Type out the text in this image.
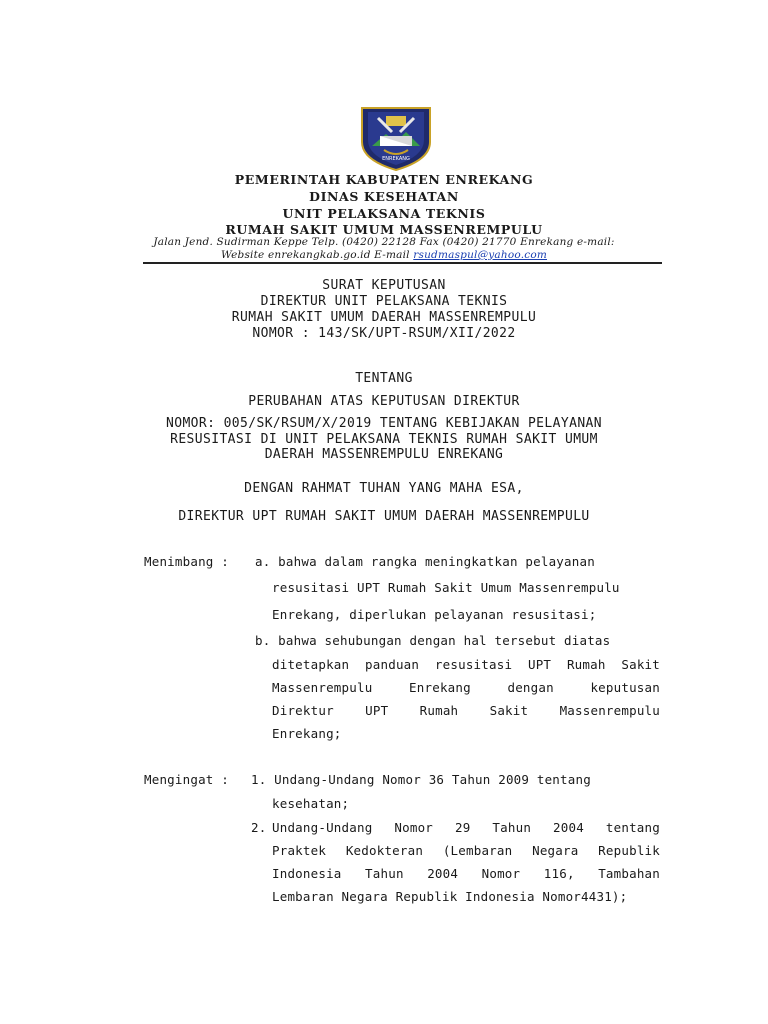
ENREKANG
PEMERINTAH KABUPATEN ENREKANG
DINAS KESEHATAN
UNIT PELAKSANA TEKNIS
RUMAH SAKIT UMUM MASSENREMPULU
Jalan Jend. Sudirman Keppe Telp. (0420) 22128 Fax (0420) 21770 Enrekang e-mail:
Website enrekangkab.go.id E-mail rsudmaspul@yahoo.com
SURAT KEPUTUSAN
DIREKTUR UNIT PELAKSANA TEKNIS
RUMAH SAKIT UMUM DAERAH MASSENREMPULU
NOMOR : 143/SK/UPT-RSUM/XII/2022
TENTANG
PERUBAHAN ATAS KEPUTUSAN DIREKTUR
NOMOR: 005/SK/RSUM/X/2019 TENTANG KEBIJAKAN PELAYANAN
RESUSITASI DI UNIT PELAKSANA TEKNIS RUMAH SAKIT UMUM
DAERAH MASSENREMPULU ENREKANG
DENGAN RAHMAT TUHAN YANG MAHA ESA,
DIREKTUR UPT RUMAH SAKIT UMUM DAERAH MASSENREMPULU
Menimbang : a. bahwa dalam rangka meningkatkan pelayanan
resusitasi UPT Rumah Sakit Umum Massenrempulu
Enrekang, diperlukan pelayanan resusitasi;
b. bahwa sehubungan dengan hal tersebut diatas
ditetapkan panduan resusitasi UPT Rumah Sakit
Massenrempulu Enrekang dengan keputusan
Direktur UPT Rumah Sakit Massenrempulu
Enrekang;
Mengingat : 1. Undang-Undang Nomor 36 Tahun 2009 tentang
kesehatan;
2. Undang-Undang Nomor 29 Tahun 2004 tentang
Praktek Kedokteran (Lembaran Negara Republik
Indonesia Tahun 2004 Nomor 116, Tambahan
Lembaran Negara Republik Indonesia Nomor4431);
